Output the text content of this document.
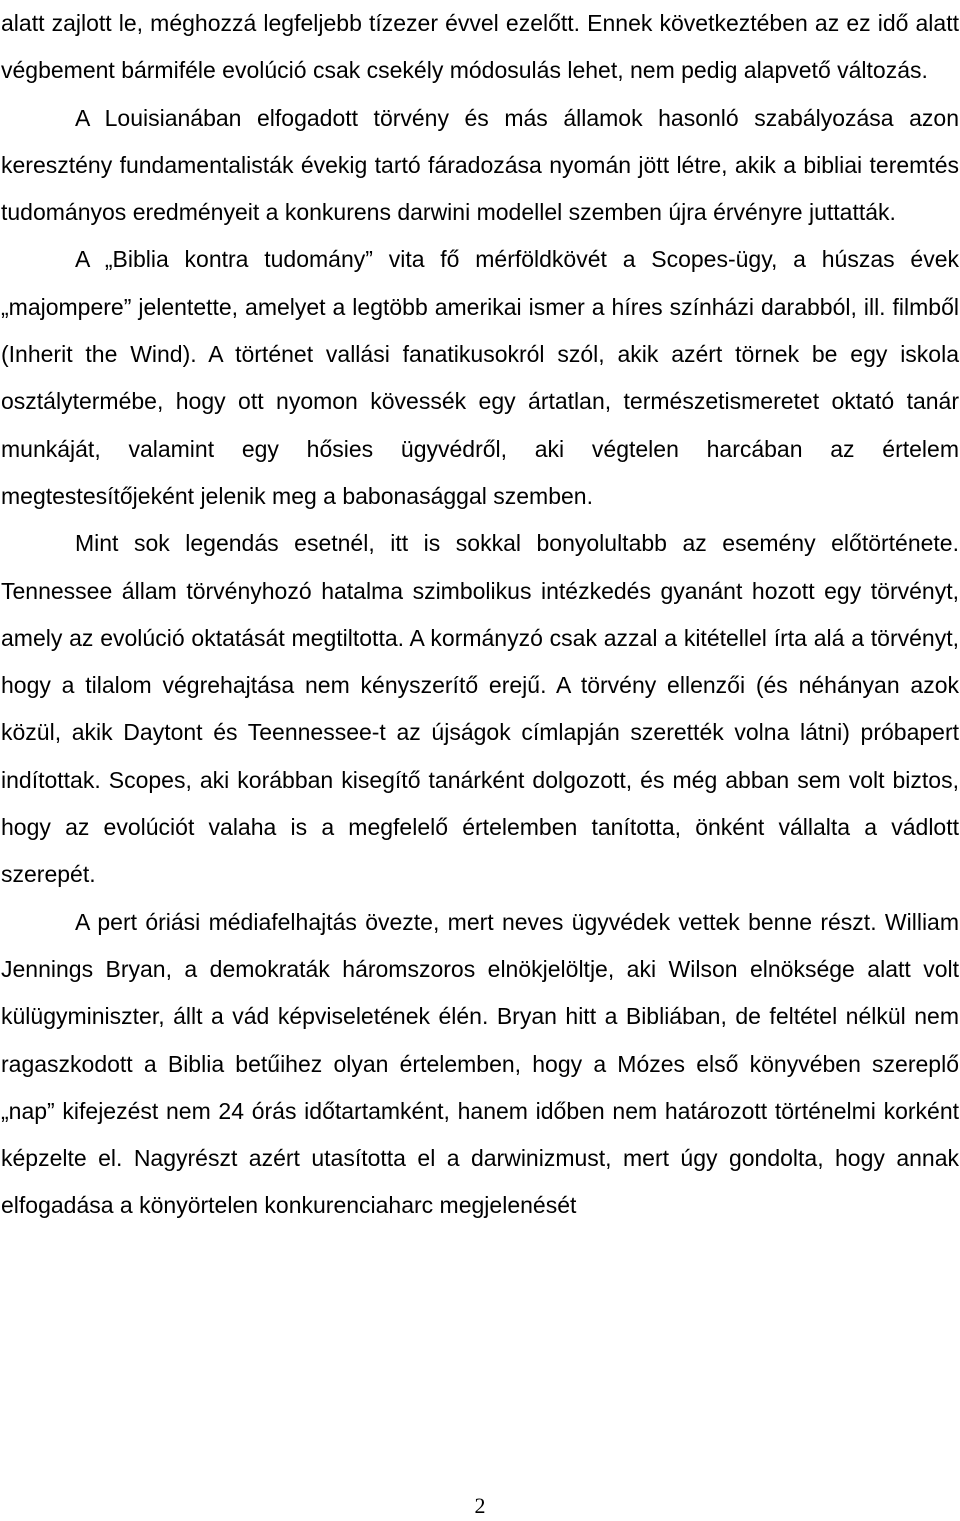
alatt zajlott le, méghozzá legfeljebb tízezer évvel ezelőtt. Ennek következtében az ez idő alatt végbement bármiféle evolúció csak csekély módosulás lehet, nem pedig alapvető változás.

A Louisianában elfogadott törvény és más államok hasonló szabályozása azon keresztény fundamentalisták évekig tartó fáradozása nyomán jött létre, akik a bibliai teremtés tudományos eredményeit a konkurens darwini modellel szemben újra érvényre juttatták.

A „Biblia kontra tudomány” vita fő mérföldkövét a Scopes-ügy, a húszas évek „majompere” jelentette, amelyet a legtöbb amerikai ismer a híres színházi darabból, ill. filmből (Inherit the Wind). A történet vallási fanatikusokról szól, akik azért törnek be egy iskola osztálytermébe, hogy ott nyomon kövessék egy ártatlan, természetismeretet oktató tanár munkáját, valamint egy hősies ügyvédről, aki végtelen harcában az értelem megtestesítőjeként jelenik meg a babonasággal szemben.

Mint sok legendás esetnél, itt is sokkal bonyolultabb az esemény előtörténete. Tennessee állam törvényhozó hatalma szimbolikus intézkedés gyanánt hozott egy törvényt, amely az evolúció oktatását megtiltotta. A kormányzó csak azzal a kitétellel írta alá a törvényt, hogy a tilalom végrehajtása nem kényszerítő erejű. A törvény ellenzői (és néhányan azok közül, akik Daytont és Teennessee-t az újságok címlapján szerették volna látni) próbapert indítottak. Scopes, aki korábban kisegítő tanárként dolgozott, és még abban sem volt biztos, hogy az evolúciót valaha is a megfelelő értelemben tanította, önként vállalta a vádlott szerepét.

A pert óriási médiafelhajtás övezte, mert neves ügyvédek vettek benne részt. William Jennings Bryan, a demokraták háromszoros elnökjelöltje, aki Wilson elnöksége alatt volt külügyminiszter, állt a vád képviseletének élén. Bryan hitt a Bibliában, de feltétel nélkül nem ragaszkodott a Biblia betűihez olyan értelemben, hogy a Mózes első könyvében szereplő „nap” kifejezést nem 24 órás időtartamként, hanem időben nem határozott történelmi korként képzelte el. Nagyrészt azért utasította el a darwinizmust, mert úgy gondolta, hogy annak elfogadása a könyörtelen konkurenciaharc megjelenését

2
